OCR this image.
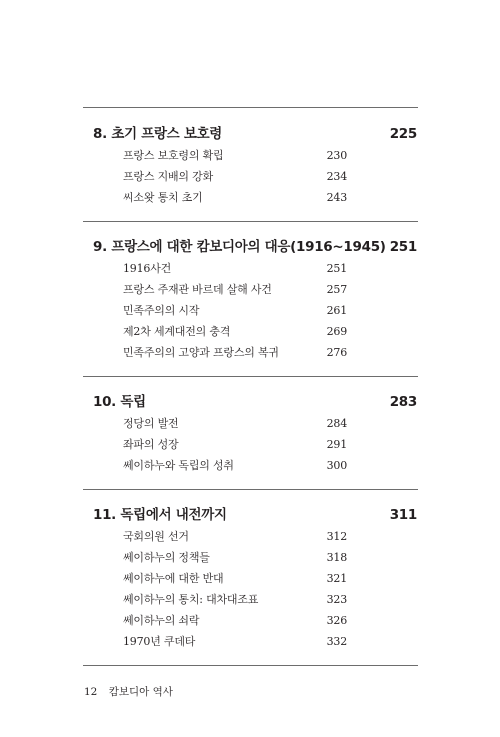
8. 초기 프랑스 보호령	225
프랑스 보호령의 확립	230
프랑스 지배의 강화	234
씨소왓 통치 초기	243
9. 프랑스에 대한 캄보디아의 대응(1916~1945) 251
1916사건	251
프랑스 주재관 바르데 살해 사건	257
민족주의의 시작	261
제2차 세계대전의 충격	269
민족주의의 고양과 프랑스의 복귀	276
10. 독립	283
정당의 발전	284
좌파의 성장	291
쎄이하누와 독립의 성취	300
11. 독립에서 내전까지	311
국회의원 선거	312
쎄이하누의 정책들	318
쎄이하누에 대한 반대	321
쎄이하누의 통치: 대차대조표	323
쎄이하누의 쇠락	326
1970년 쿠데타	332
12 캄보디아 역사
